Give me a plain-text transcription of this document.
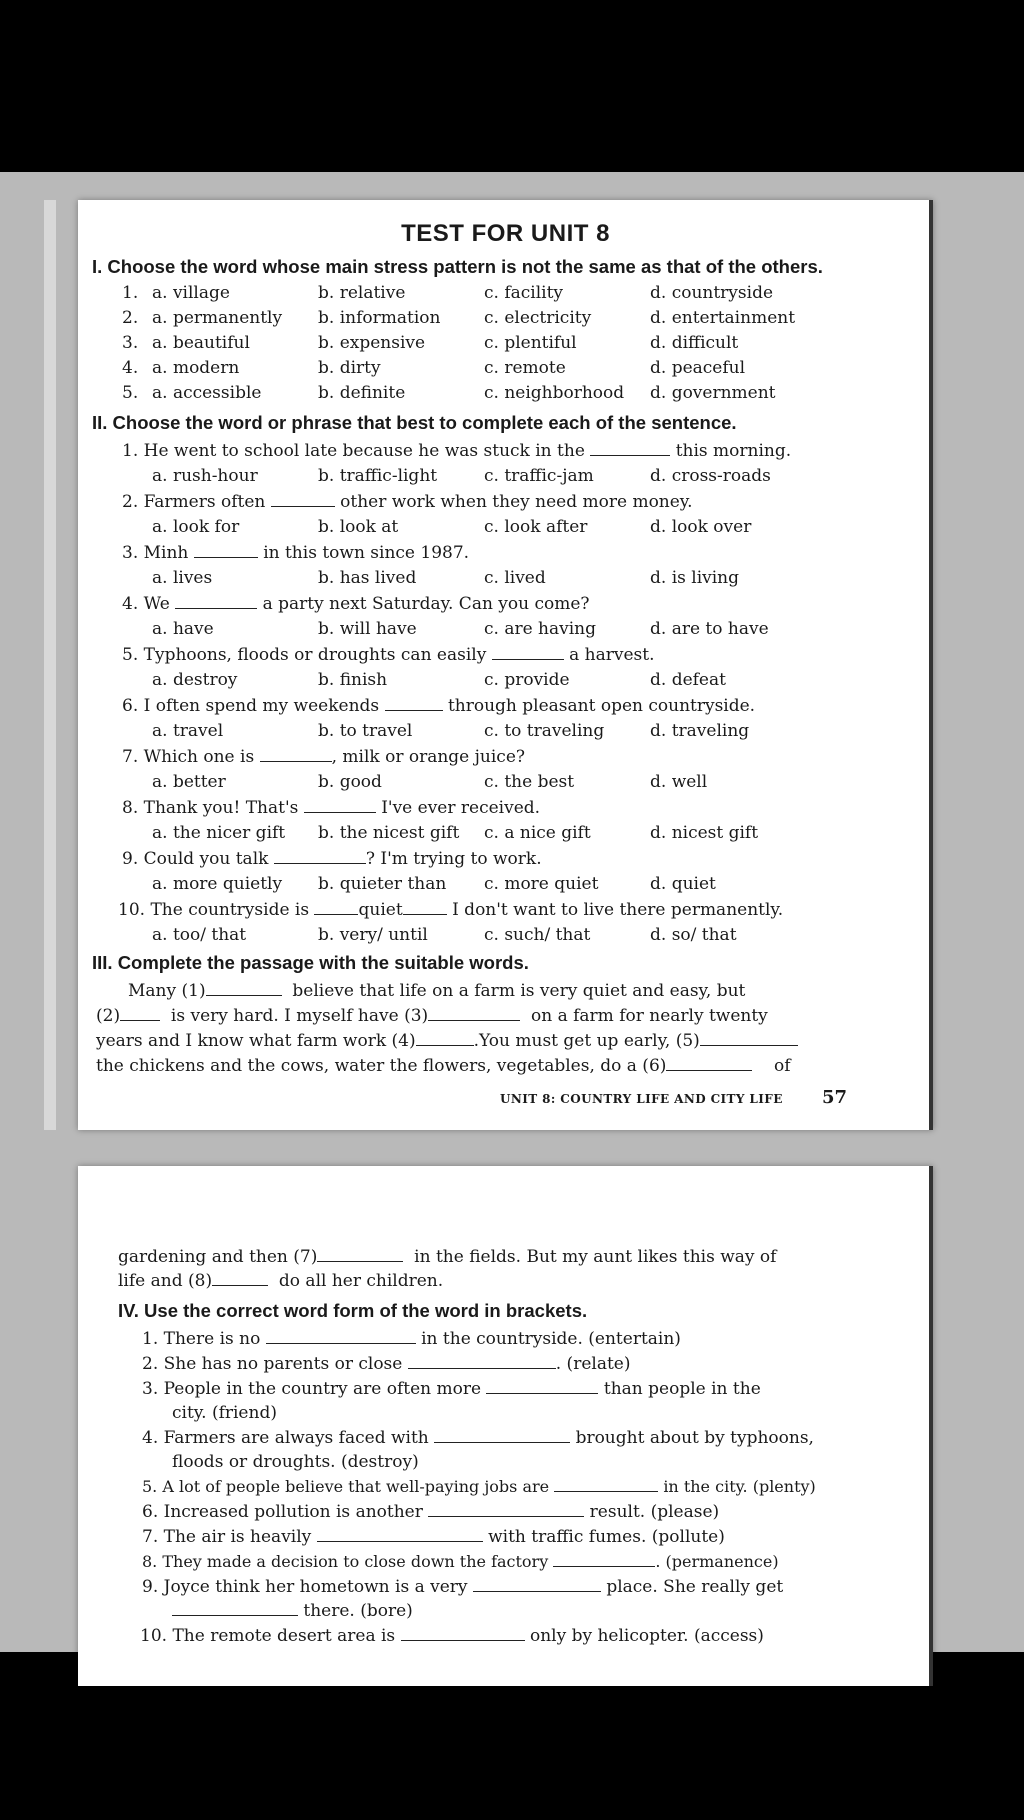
TEST FOR UNIT 8
I. Choose the word whose main stress pattern is not the same as that of the others.
1. a. village	b. relative	c. facility	d. countryside
2. a. permanently b. information	c. electricity	d. entertainment
3. a. beautiful	b. expensive	c. plentiful	d. difficult
4. a. modern	b. dirty	c. remote	d. peaceful
5. a. accessible	b. definite	c. neighborhood d. government
II. Choose the word or phrase that best to complete each of the sentence.
1. He went to school late because he was stuck in the	this morning.
a. rush-hour	b. traffic-light	c. traffic-jam	d. cross-roads
2. Farmers often	other work when they need more money.
a. look for	b. look at	c. look after	d. look over
3. Minh	in this town since 1987.
a. lives	b. has lived	c. lived	d. is living
4. We	a party next Saturday. Can you come?
a. have	b. will have	c. are having	d. are to have
5. Typhoons, floods or droughts can easily	a harvest.
a. destroy	b. finish	c. provide	d. defeat
6. I often spend my weekends	through pleasant open countryside.
a. travel	b. to travel	c. to traveling	d. traveling
7. Which one is	, milk or orange juice?
a. better	b. good	c. the best	d. well
8. Thank you! That's	I've ever received.
a. the nicer gift b. the nicest gift c. a nice gift	d. nicest gift
9. Could you talk	? I'm trying to work.
a. more quietly b. quieter than c. more quiet	d. quiet
10. The countryside is	quiet	I don't want to live there permanently.
a. too/ that	b. very/ until	c. such/ that	d. so/ that
III. Complete the passage with the suitable words.
Many (1)	believe that life on a farm is very quiet and easy, but
(2)	is very hard. I myself have (3)	on a farm for nearly twenty
years and I know what farm work (4)	.You must get up early, (5)
the chickens and the cows, water the flowers, vegetables, do a (6)	of
UNIT 8: COUNTRY LIFE AND CITY LIFE 57
gardening and then (7)	in the fields. But my aunt likes this way of
life and (8)	do all her children.
IV. Use the correct word form of the word in brackets.
1. There is no	in the countryside. (entertain)
2. She has no parents or close	. (relate)
3. People in the country are often more	than people in the
city. (friend)
4. Farmers are always faced with	brought about by typhoons,
floods or droughts. (destroy)
5. A lot of people believe that well-paying jobs are	in the city. (plenty)
6. Increased pollution is another	result. (please)
7. The air is heavily	with traffic fumes. (pollute)
8. They made a decision to close down the factory	. (permanence)
9. Joyce think her hometown is a very	place. She really get
there. (bore)
10. The remote desert area is	only by helicopter. (access)
